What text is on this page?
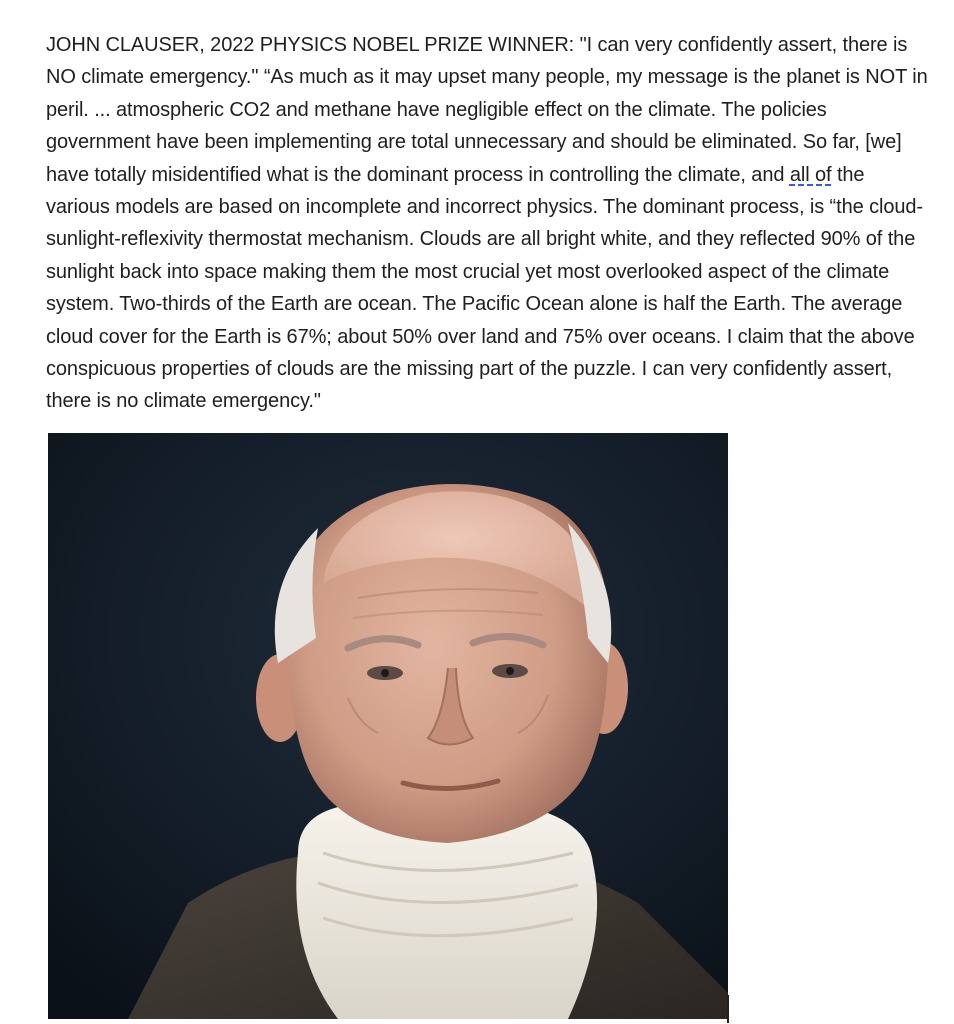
JOHN CLAUSER, 2022 PHYSICS NOBEL PRIZE WINNER: "I can very confidently assert, there is NO climate emergency." “As much as it may upset many people, my message is the planet is NOT in peril. ... atmospheric CO2 and methane have negligible effect on the climate. The policies government have been implementing are total unnecessary and should be eliminated. So far, [we] have totally misidentified what is the dominant process in controlling the climate, and all of the various models are based on incomplete and incorrect physics. The dominant process, is “the cloud-sunlight-reflexivity thermostat mechanism. Clouds are all bright white, and they reflected 90% of the sunlight back into space making them the most crucial yet most overlooked aspect of the climate system. Two-thirds of the Earth are ocean. The Pacific Ocean alone is half the Earth. The average cloud cover for the Earth is 67%; about 50% over land and 75% over oceans. I claim that the above conspicuous properties of clouds are the missing part of the puzzle. I can very confidently assert, there is no climate emergency."
